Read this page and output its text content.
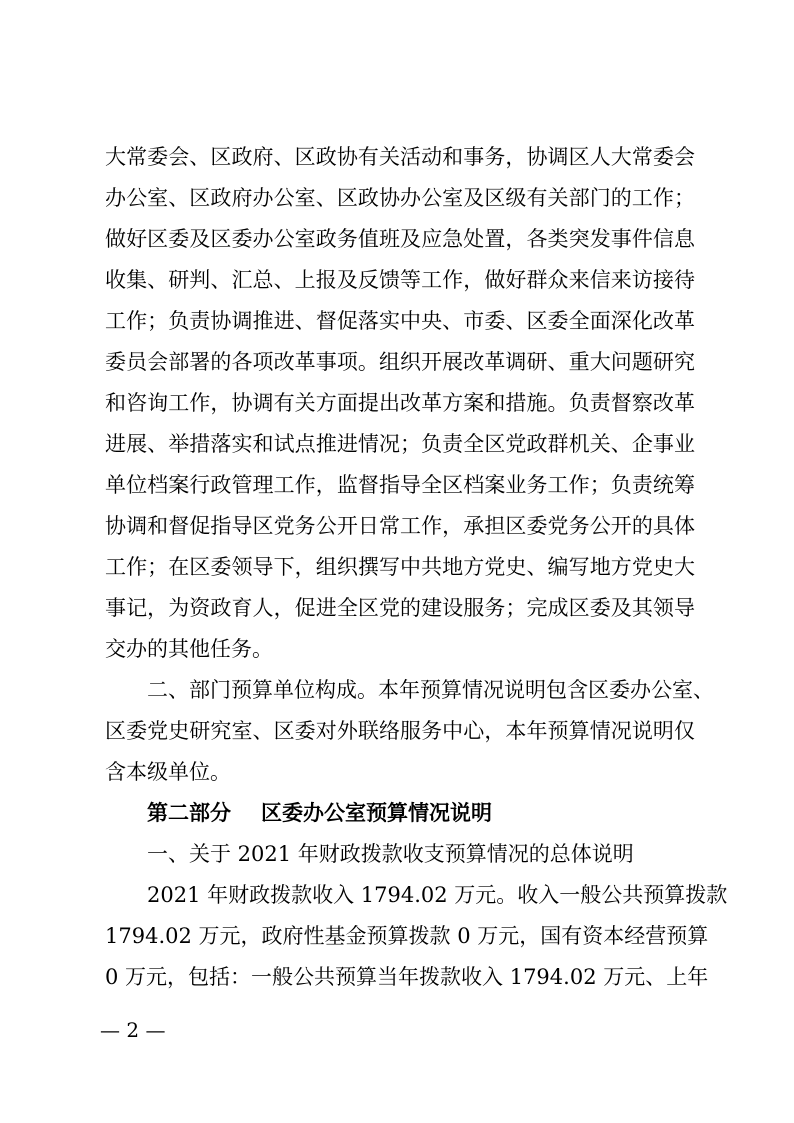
大常委会、区政府、区政协有关活动和事务，协调区人大常委会
办公室、区政府办公室、区政协办公室及区级有关部门的工作；
做好区委及区委办公室政务值班及应急处置，各类突发事件信息
收集、研判、汇总、上报及反馈等工作，做好群众来信来访接待
工作；负责协调推进、督促落实中央、市委、区委全面深化改革
委员会部署的各项改革事项。组织开展改革调研、重大问题研究
和咨询工作，协调有关方面提出改革方案和措施。负责督察改革
进展、举措落实和试点推进情况；负责全区党政群机关、企事业
单位档案行政管理工作，监督指导全区档案业务工作；负责统筹
协调和督促指导区党务公开日常工作，承担区委党务公开的具体
工作；在区委领导下，组织撰写中共地方党史、编写地方党史大
事记，为资政育人，促进全区党的建设服务；完成区委及其领导
交办的其他任务。
二、部门预算单位构成。本年预算情况说明包含区委办公室、
区委党史研究室、区委对外联络服务中心，本年预算情况说明仅
含本级单位。
第二部分 区委办公室预算情况说明
一、关于 2021 年财政拨款收支预算情况的总体说明
2021 年财政拨款收入 1794.02 万元。收入一般公共预算拨款
1794.02 万元，政府性基金预算拨款 0 万元，国有资本经营预算
0 万元，包括：一般公共预算当年拨款收入 1794.02 万元、上年
— 2 —
